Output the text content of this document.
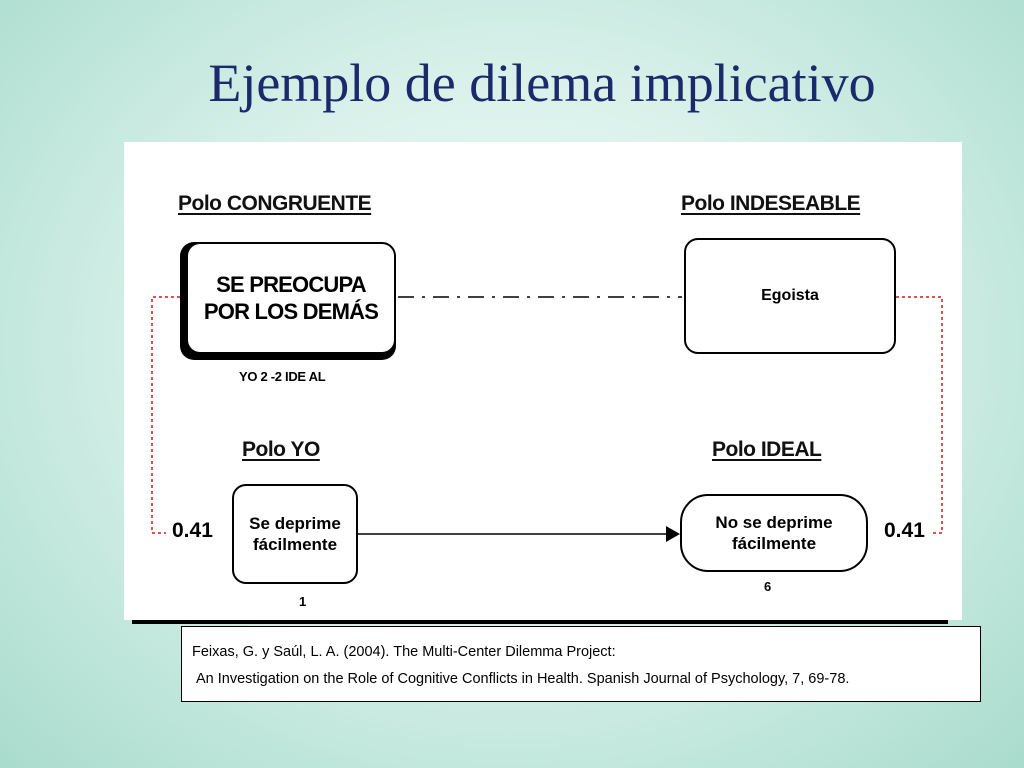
Ejemplo de dilema implicativo
Polo CONGRUENTE
SE PREOCUPA
POR LOS DEMÁS
YO 2 -2 IDE AL
Polo INDESEABLE
Egoista
Polo YO
Se deprime
fácilmente
1
0.41
Polo IDEAL
No se deprime
fácilmente
6
0.41
Feixas, G. y Saúl, L. A. (2004). The Multi-Center Dilemma Project:
An Investigation on the Role of Cognitive Conflicts in Health. Spanish Journal of Psychology, 7, 69-78.
